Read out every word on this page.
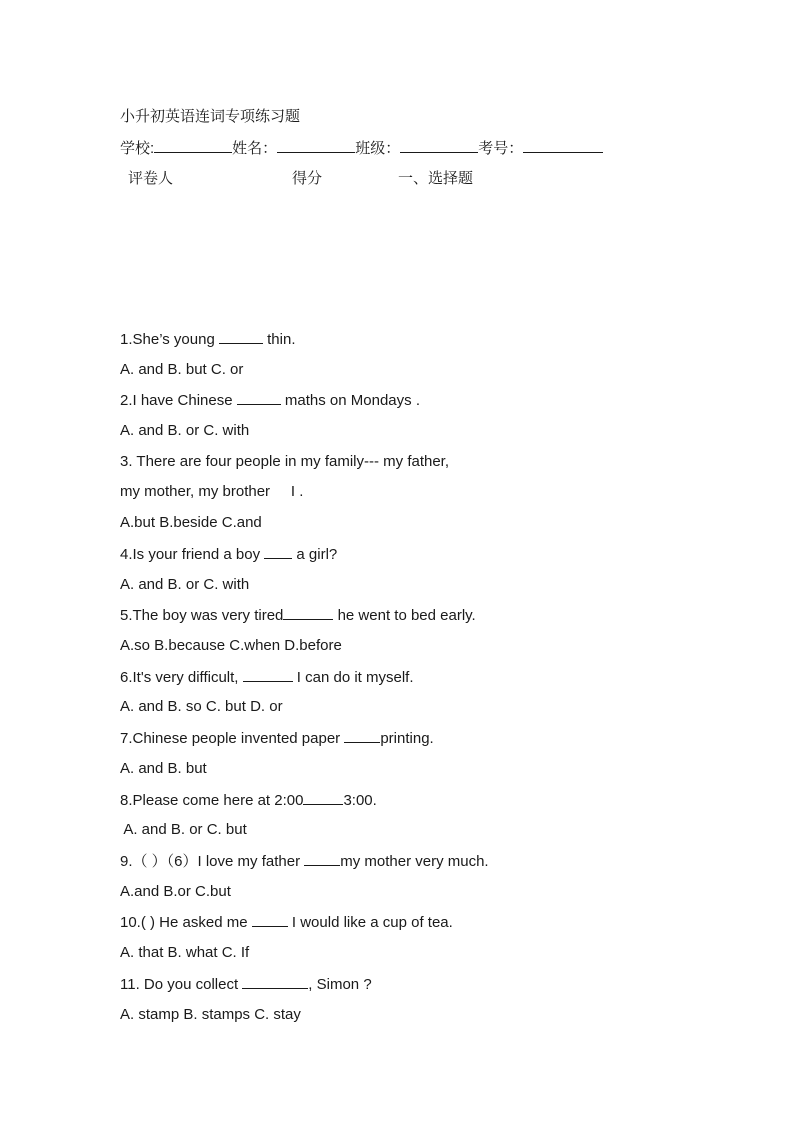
小升初英语连词专项练习题
学校:	姓名：	班级：	考号：
评卷人	得分	一、选择题
1.She’s young	thin.
A. and B. but C. or
2.I have Chinese	maths on Mondays .
A. and B. or C. with
3. There are four people in my family--- my father,
my mother, my brother     I .
A.but B.beside C.and
4.Is your friend a boy  a girl?
A. and B. or C. with
5.The boy was very tired	he went to bed early.
A.so B.because C.when D.before
6.It's very difficult,	I can do it myself.
A. and B. so C. but D. or
7.Chinese people invented paper printing.
A. and B. but
8.Please come here at 2:00	3:00.
A. and B. or C. but
9.（ ）（6）I love my father my mother very much.
A.and B.or C.but
10.( ) He asked me  I would like a cup of tea.
A. that B. what C. If
11. Do you collect	, Simon ?
A. stamp B. stamps C. stay
